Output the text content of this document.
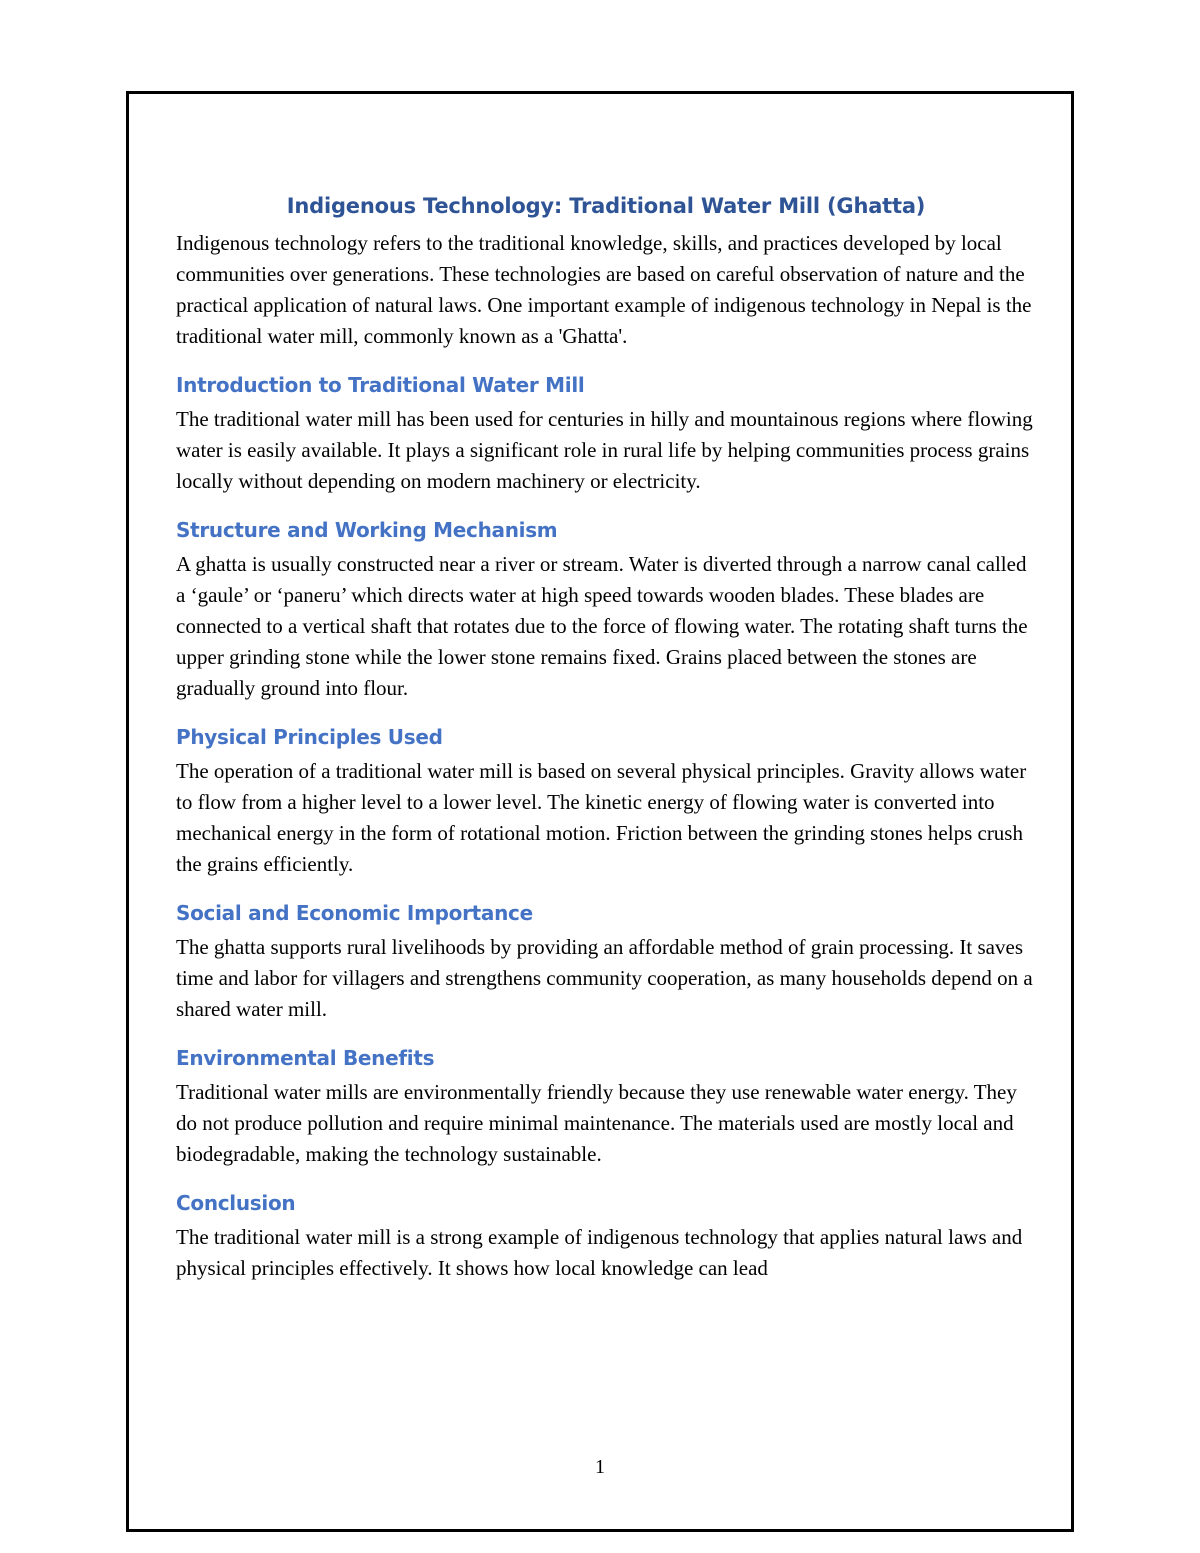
Indigenous Technology: Traditional Water Mill (Ghatta)

Indigenous technology refers to the traditional knowledge, skills, and practices developed by local communities over generations. These technologies are based on careful observation of nature and the practical application of natural laws. One important example of indigenous technology in Nepal is the traditional water mill, commonly known as a 'Ghatta'.

Introduction to Traditional Water Mill

The traditional water mill has been used for centuries in hilly and mountainous regions where flowing water is easily available. It plays a significant role in rural life by helping communities process grains locally without depending on modern machinery or electricity.

Structure and Working Mechanism

A ghatta is usually constructed near a river or stream. Water is diverted through a narrow canal called a ‘gaule’ or ‘paneru’ which directs water at high speed towards wooden blades. These blades are connected to a vertical shaft that rotates due to the force of flowing water. The rotating shaft turns the upper grinding stone while the lower stone remains fixed. Grains placed between the stones are gradually ground into flour.

Physical Principles Used

The operation of a traditional water mill is based on several physical principles. Gravity allows water to flow from a higher level to a lower level. The kinetic energy of flowing water is converted into mechanical energy in the form of rotational motion. Friction between the grinding stones helps crush the grains efficiently.

Social and Economic Importance

The ghatta supports rural livelihoods by providing an affordable method of grain processing. It saves time and labor for villagers and strengthens community cooperation, as many households depend on a shared water mill.

Environmental Benefits

Traditional water mills are environmentally friendly because they use renewable water energy. They do not produce pollution and require minimal maintenance. The materials used are mostly local and biodegradable, making the technology sustainable.

Conclusion

The traditional water mill is a strong example of indigenous technology that applies natural laws and physical principles effectively. It shows how local knowledge can lead

1
